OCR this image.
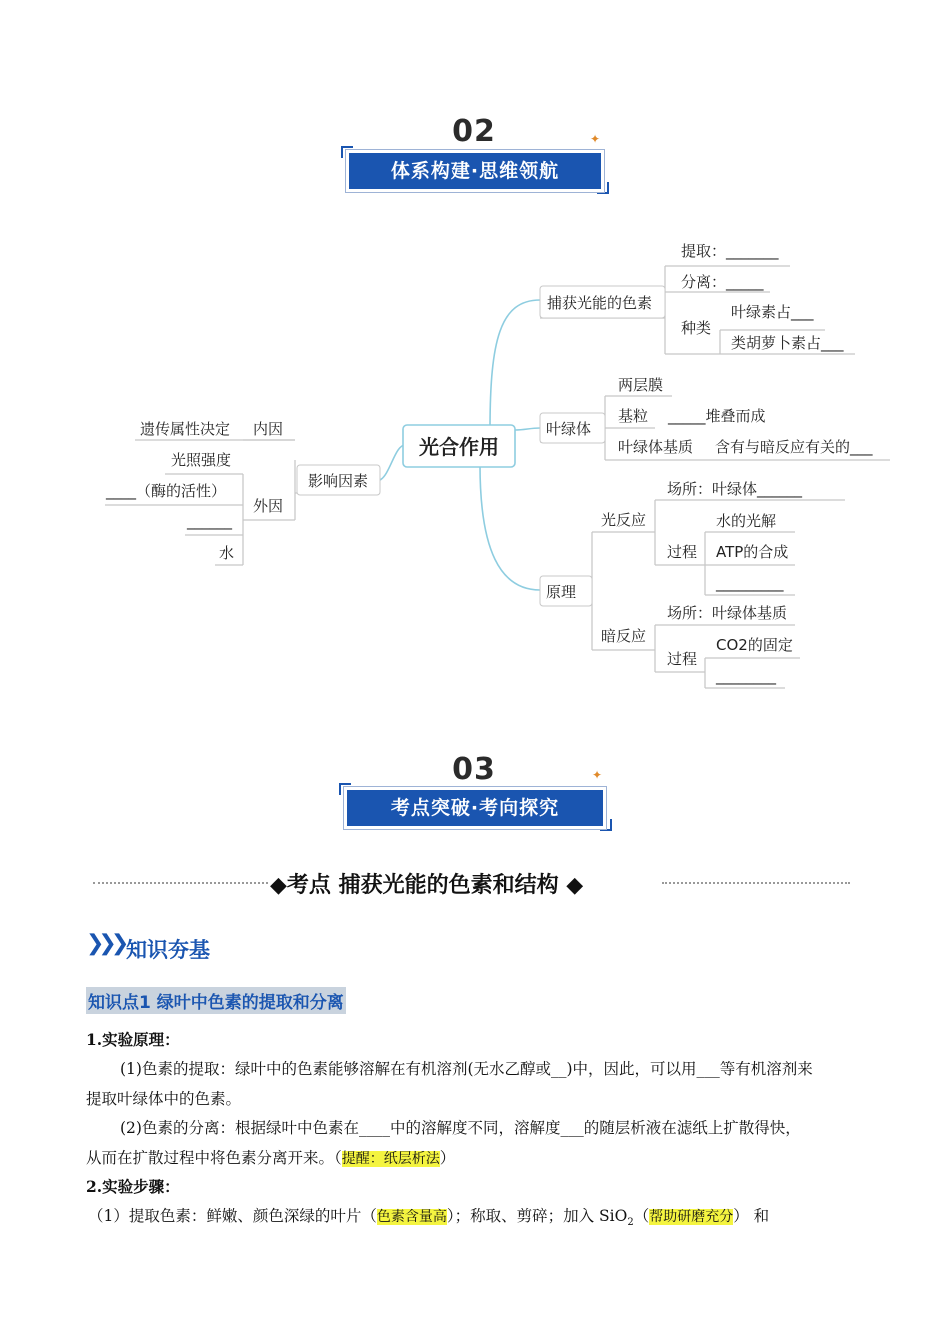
02	✦
体系构建·思维领航
光合作用
捕获光能的色素
提取：_______
分离：_____
种类
叶绿素占___
类胡萝卜素占___
叶绿体
两层膜
基粒 _____堆叠而成
叶绿体基质 含有与暗反应有关的___
原理
光反应
场所：叶绿体______
过程
水的光解
ATP的合成
_________
暗反应
场所：叶绿体基质
过程
CO2的固定
________
影响因素
内因
遗传属性决定
外因
光照强度
____（酶的活性）
______
水
03	✦
考点突破·考向探究
◆考点 捕获光能的色素和结构 ◆
❯❯❯ 知识夯基
知识点1 绿叶中色素的提取和分离
1.实验原理：
(1)色素的提取：绿叶中的色素能够溶解在有机溶剂(无水乙醇或__)中，因此，可以用___等有机溶剂来
提取叶绿体中的色素。
(2)色素的分离：根据绿叶中色素在____中的溶解度不同，溶解度___的随层析液在滤纸上扩散得快，
从而在扩散过程中将色素分离开来。（提醒：纸层析法）
2.实验步骤：
（1）提取色素：鲜嫩、颜色深绿的叶片（色素含量高）；称取、剪碎；加入 SiO$_2$（帮助研磨充分） 和
